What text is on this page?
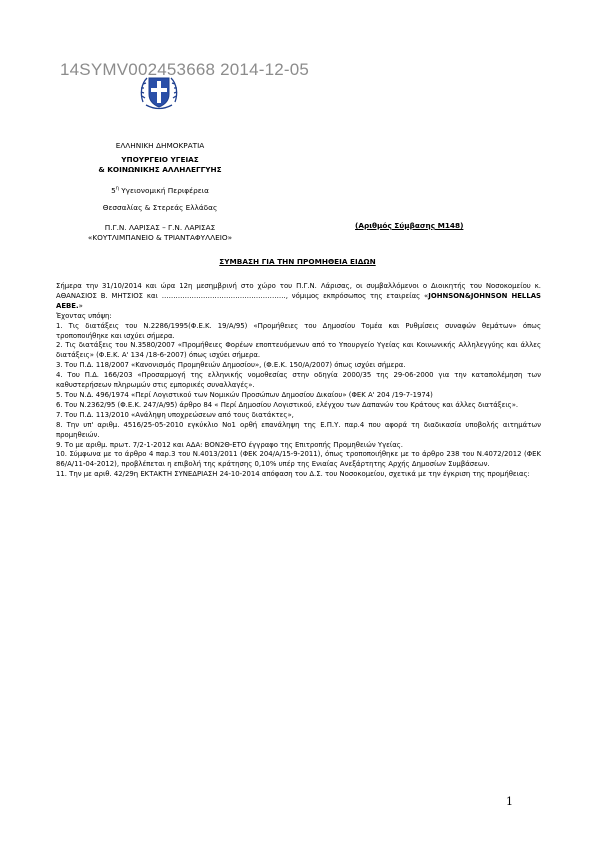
14SYMV002453668 2014-12-05
ΕΛΛΗΝΙΚΗ ΔΗΜΟΚΡΑΤΙΑ
ΥΠΟΥΡΓΕΙΟ ΥΓΕΙΑΣ
& ΚΟΙΝΩΝΙΚΗΣ ΑΛΛΗΛΕΓΓΥΗΣ
$5^\eta$ Υγειονομική Περιφέρεια
Θεσσαλίας & Στερεάς Ελλάδας
Π.Γ.Ν. ΛΑΡΙΣΑΣ – Γ.Ν. ΛΑΡΙΣΑΣ
«ΚΟΥΤΛΙΜΠΑΝΕΙΟ & ΤΡΙΑΝΤΑΦΥΛΛΕΙΟ»
(Αριθμός Σύμβασης Μ148)
ΣΥΜΒΑΣΗ ΓΙΑ ΤΗΝ ΠΡΟΜΗΘΕΙΑ ΕΙΔΩΝ

Σήμερα την 31/10/2014 και ώρα 12η μεσημβρινή στο χώρο του Π.Γ.Ν. Λάρισας, οι συμβαλλόμενοι ο Διοικητής του Νοσοκομείου κ. ΑΘΑΝΑΣΙΟΣ Β. ΜΗΤΣΙΟΣ και ………………………………………………, νόμιμος εκπρόσωπος της εταιρείας «JOHNSON&JOHNSON HELLAS ΑΕΒΕ.»

Έχοντας υπόψη:

1. Τις διατάξεις του Ν.2286/1995(Φ.Ε.Κ. 19/Α/95) «Προμήθειες του Δημοσίου Τομέα και Ρυθμίσεις συναφών θεμάτων» όπως τροποποιήθηκε και ισχύει σήμερα.

2. Τις διατάξεις του Ν.3580/2007 «Προμήθειες Φορέων εποπτευόμενων από το Υπουργείο Υγείας και Κοινωνικής Αλληλεγγύης και άλλες διατάξεις» (Φ.Ε.Κ. Α' 134 /18-6-2007) όπως ισχύει σήμερα.

3. Του Π.Δ. 118/2007 «Κανονισμός Προμηθειών Δημοσίου», (Φ.Ε.Κ. 150/Α/2007) όπως ισχύει σήμερα.

4. Του Π.Δ. 166/203 «Προσαρμογή της ελληνικής νομοθεσίας στην οδηγία 2000/35 της 29-06-2000 για την καταπολέμηση των καθυστερήσεων πληρωμών στις εμπορικές συναλλαγές».

5. Του Ν.Δ. 496/1974 «Περί Λογιστικού των Νομικών Προσώπων Δημοσίου Δικαίου» (ΦΕΚ Α' 204 /19-7-1974)

6. Του Ν.2362/95 (Φ.Ε.Κ. 247/Α/95) άρθρο 84 « Περί Δημοσίου Λογιστικού, ελέγχου των Δαπανών του Κράτους και άλλες διατάξεις».

7. Του Π.Δ. 113/2010 «Ανάληψη υποχρεώσεων από τους διατάκτες»,

8. Την υπ' αριθμ. 4516/25-05-2010 εγκύκλιο Νο1 ορθή επανάληψη της Ε.Π.Υ. παρ.4 που αφορά τη διαδικασία υποβολής αιτημάτων προμηθειών.

9. Το με αριθμ. πρωτ. 7/2-1-2012 και ΑΔΑ: ΒΟΝ2Θ-ΕΤΟ έγγραφο της Επιτροπής Προμηθειών Υγείας.

10. Σύμφωνα με το άρθρο 4 παρ.3 του Ν.4013/2011 (ΦΕΚ 204/Α/15-9-2011), όπως τροποποιήθηκε με το άρθρο 238 του Ν.4072/2012 (ΦΕΚ 86/Α/11-04-2012), προβλέπεται η επιβολή της κράτησης 0,10% υπέρ της Ενιαίας Ανεξάρτητης Αρχής Δημοσίων Συμβάσεων.

11. Την με αριθ. 42/29η ΕΚΤΑΚΤΗ ΣΥΝΕΔΡΙΑΣΗ 24-10-2014 απόφαση του Δ.Σ. του Νοσοκομείου, σχετικά με την έγκριση της προμήθειας:

1
